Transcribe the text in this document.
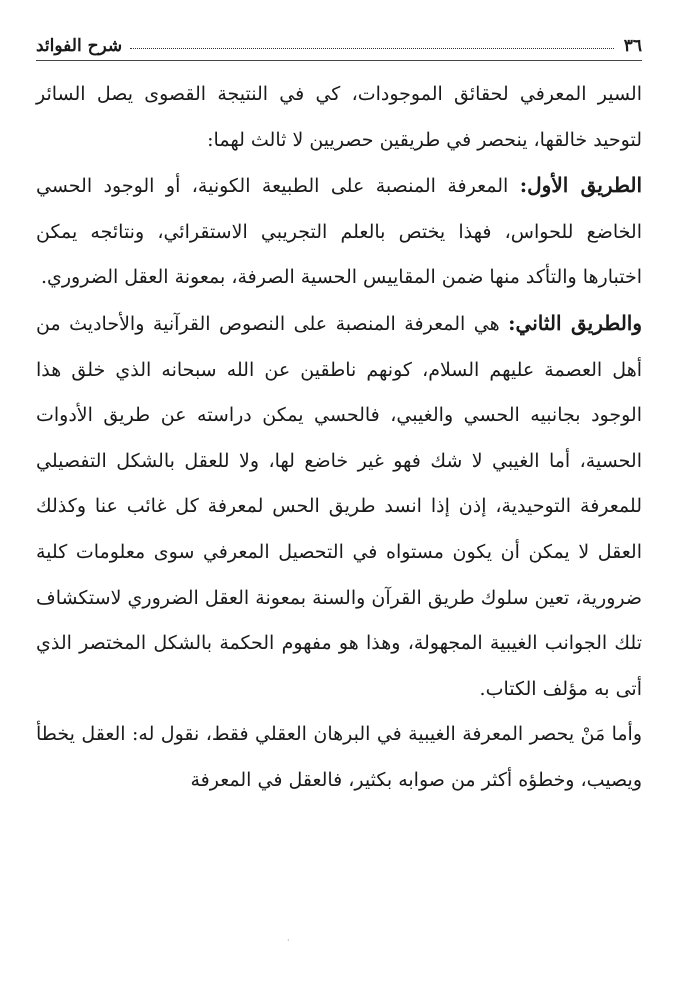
٣٦
شرح الفوائد

السير المعرفي لحقائق الموجودات، كي في النتيجة القصوى يصل السائر لتوحيد خالقها، ينحصر في طريقين حصريين لا ثالث لهما:

الطريق الأول: المعرفة المنصبة على الطبيعة الكونية، أو الوجود الحسي الخاضع للحواس، فهذا يختص بالعلم التجريبي الاستقرائي، ونتائجه يمكن اختبارها والتأكد منها ضمن المقاييس الحسية الصرفة، بمعونة العقل الضروري.

والطريق الثاني: هي المعرفة المنصبة على النصوص القرآنية والأحاديث من أهل العصمة عليهم السلام، كونهم ناطقين عن الله سبحانه الذي خلق هذا الوجود بجانبيه الحسي والغيبي، فالحسي يمكن دراسته عن طريق الأدوات الحسية، أما الغيبي لا شك فهو غير خاضع لها، ولا للعقل بالشكل التفصيلي للمعرفة التوحيدية، إذن إذا انسد طريق الحس لمعرفة كل غائب عنا وكذلك العقل لا يمكن أن يكون مستواه في التحصيل المعرفي سوى معلومات كلية ضرورية، تعين سلوك طريق القرآن والسنة بمعونة العقل الضروري لاستكشاف تلك الجوانب الغيبية المجهولة، وهذا هو مفهوم الحكمة بالشكل المختصر الذي أتى به مؤلف الكتاب.

وأما مَنْ يحصر المعرفة الغيبية في البرهان العقلي فقط، نقول له: العقل يخطأ ويصيب، وخطؤه أكثر من صوابه بكثير، فالعقل في المعرفة

·
